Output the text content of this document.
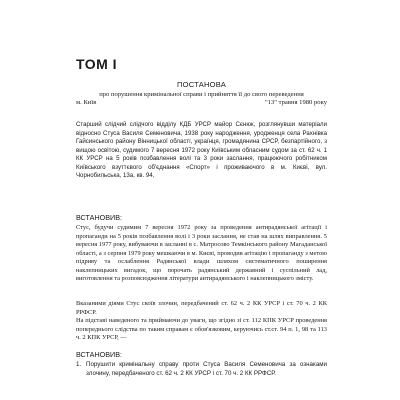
ТОМ І
ПОСТАНОВА
про порушення кримінальної справи і прийняття її до свого переведення
м. Київ	"13" травня 1980 року
Старший слідчий слідчого відділу КДБ УРСР майор Сєнюк, розглянувши матеріали відносно Стуса Василя Семеновича, 1938 року народження, уродженця села Рахнівка Гайсинського району Вінницької області, українця, громадянина СРСР, безпартійного, з вищою освітою, судимого 7 вересня 1972 року Київським обласним судом за ст. 62 ч. 1 КК УРСР на 5 років позбавлення волі та 3 роки заслання, працюючого робітником Київського взуттєвого об'єднання «Спорт» і проживаючого в м. Києві, вул. Чорнобильська, 13а, кв. 94,
ВСТАНОВИВ:
Стус, будучи судимим 7 вересня 1972 року за проведення антирадянської агітації і пропаганди на 5 років позбавлення волі і 3 роки заслання, не став на шлях виправлення. 5 вересня 1977 року, вибуваючи в засланні в с. Матросово Темкінського району Магаданської області, а з серпня 1979 року мешкаючи в м. Києві, проводив агітацію і пропаганду з метою підриву та ослаблення Радянської влади шляхом систематичного поширення наклепницьких вигадок, що порочать радянський державний і суспільний лад, виготовлення та розповсюдження літератури антирадянського і наклепницького змісту.
Вказаними діями Стус скоїв злочин, передбачений ст. 62 ч. 2 КК УРСР і ст. 70 ч. 2 КК РРФСР.
На підставі наведеного та приймаючи до уваги, що згідно зі ст. 112 КПК УРСР проведення попереднього слідства по таким справам є обов'язковим, керуючись ст.ст. 94 п. 1, 98 та 113 ч. 2 КПК УРСР, —
ВСТАНОВИВ:
1. Порушити кримінальну справу проти Стуса Василя Семеновича за ознаками злочину, передбаченого ст. 62 ч. 2 КК УРСР і ст. 70 ч. 2 КК РРФСР.
